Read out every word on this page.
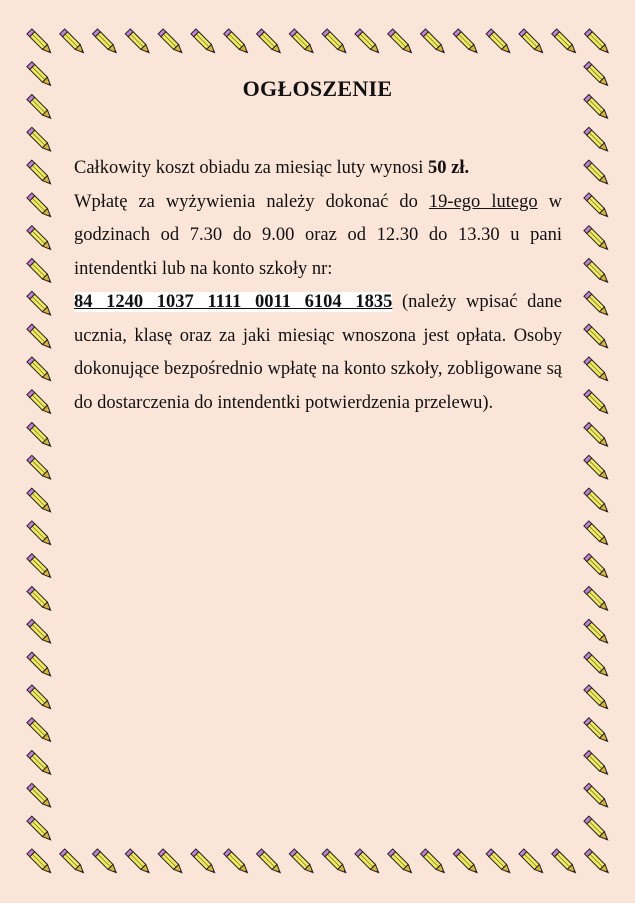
OGŁOSZENIE

Całkowity koszt obiadu za miesiąc luty wynosi 50 zł.

Wpłatę za wyżywienia należy dokonać do 19-ego lutego w godzinach od 7.30 do 9.00 oraz od 12.30 do 13.30 u pani intendentki lub na konto szkoły nr:
84 1240 1037 1111 0011 6104 1835 (należy wpisać dane ucznia, klasę oraz za jaki miesiąc wnoszona jest opłata. Osoby dokonujące bezpośrednio wpłatę na konto szkoły, zobligowane są do dostarczenia do intendentki potwierdzenia przelewu).
